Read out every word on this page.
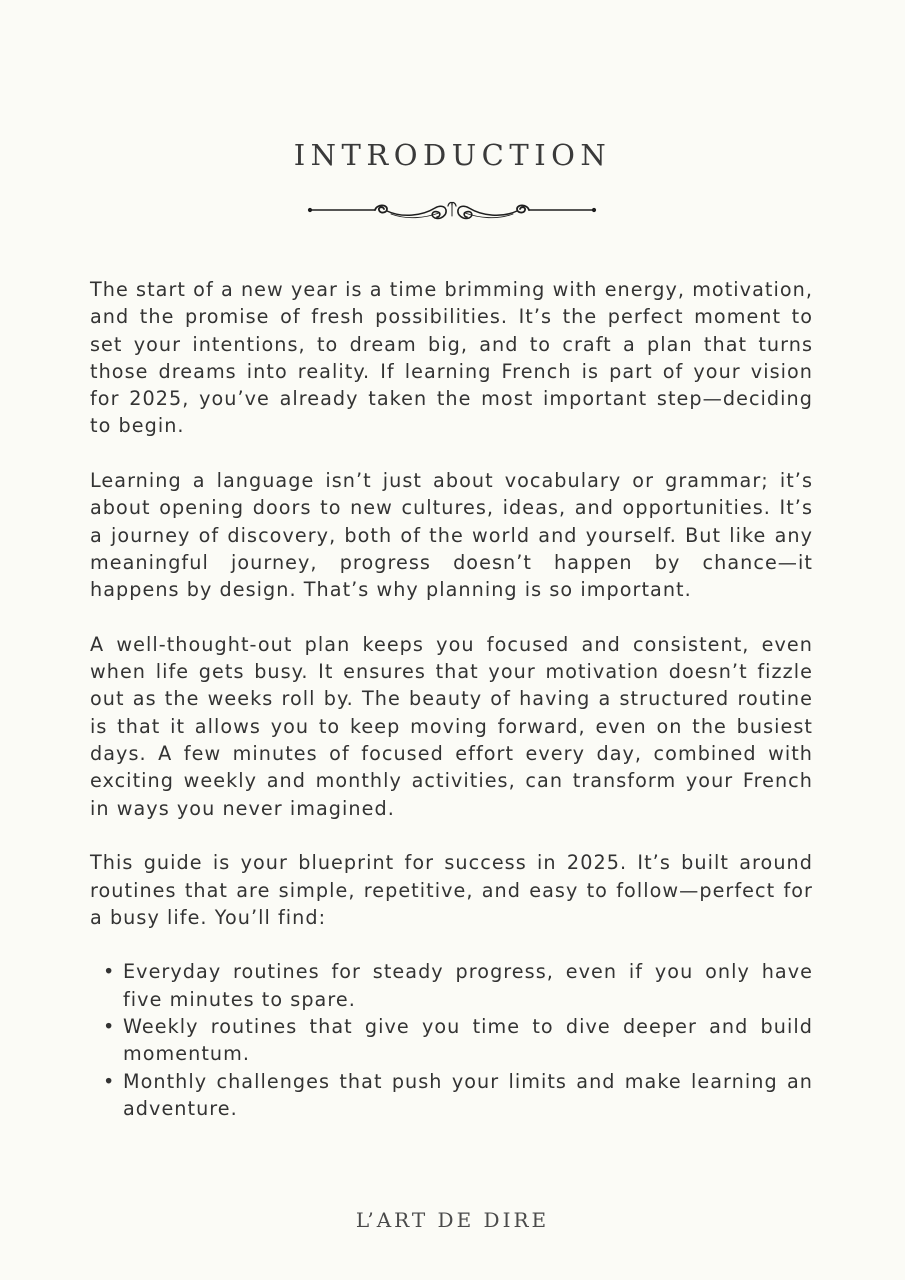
INTRODUCTION

The start of a new year is a time brimming with energy, motivation, and the promise of fresh possibilities. It’s the perfect moment to set your intentions, to dream big, and to craft a plan that turns those dreams into reality. If learning French is part of your vision for 2025, you’ve already taken the most important step—deciding to begin.

Learning a language isn’t just about vocabulary or grammar; it’s about opening doors to new cultures, ideas, and opportunities. It’s a journey of discovery, both of the world and yourself. But like any meaningful journey, progress doesn’t happen by chance—it happens by design. That’s why planning is so important.

A well-thought-out plan keeps you focused and consistent, even when life gets busy. It ensures that your motivation doesn’t fizzle out as the weeks roll by. The beauty of having a structured routine is that it allows you to keep moving forward, even on the busiest days. A few minutes of focused effort every day, combined with exciting weekly and monthly activities, can transform your French in ways you never imagined.

This guide is your blueprint for success in 2025. It’s built around routines that are simple, repetitive, and easy to follow—perfect for a busy life. You’ll find:

• Everyday routines for steady progress, even if you only have five minutes to spare.
• Weekly routines that give you time to dive deeper and build momentum.
• Monthly challenges that push your limits and make learning an adventure.
L’ART DE DIRE
